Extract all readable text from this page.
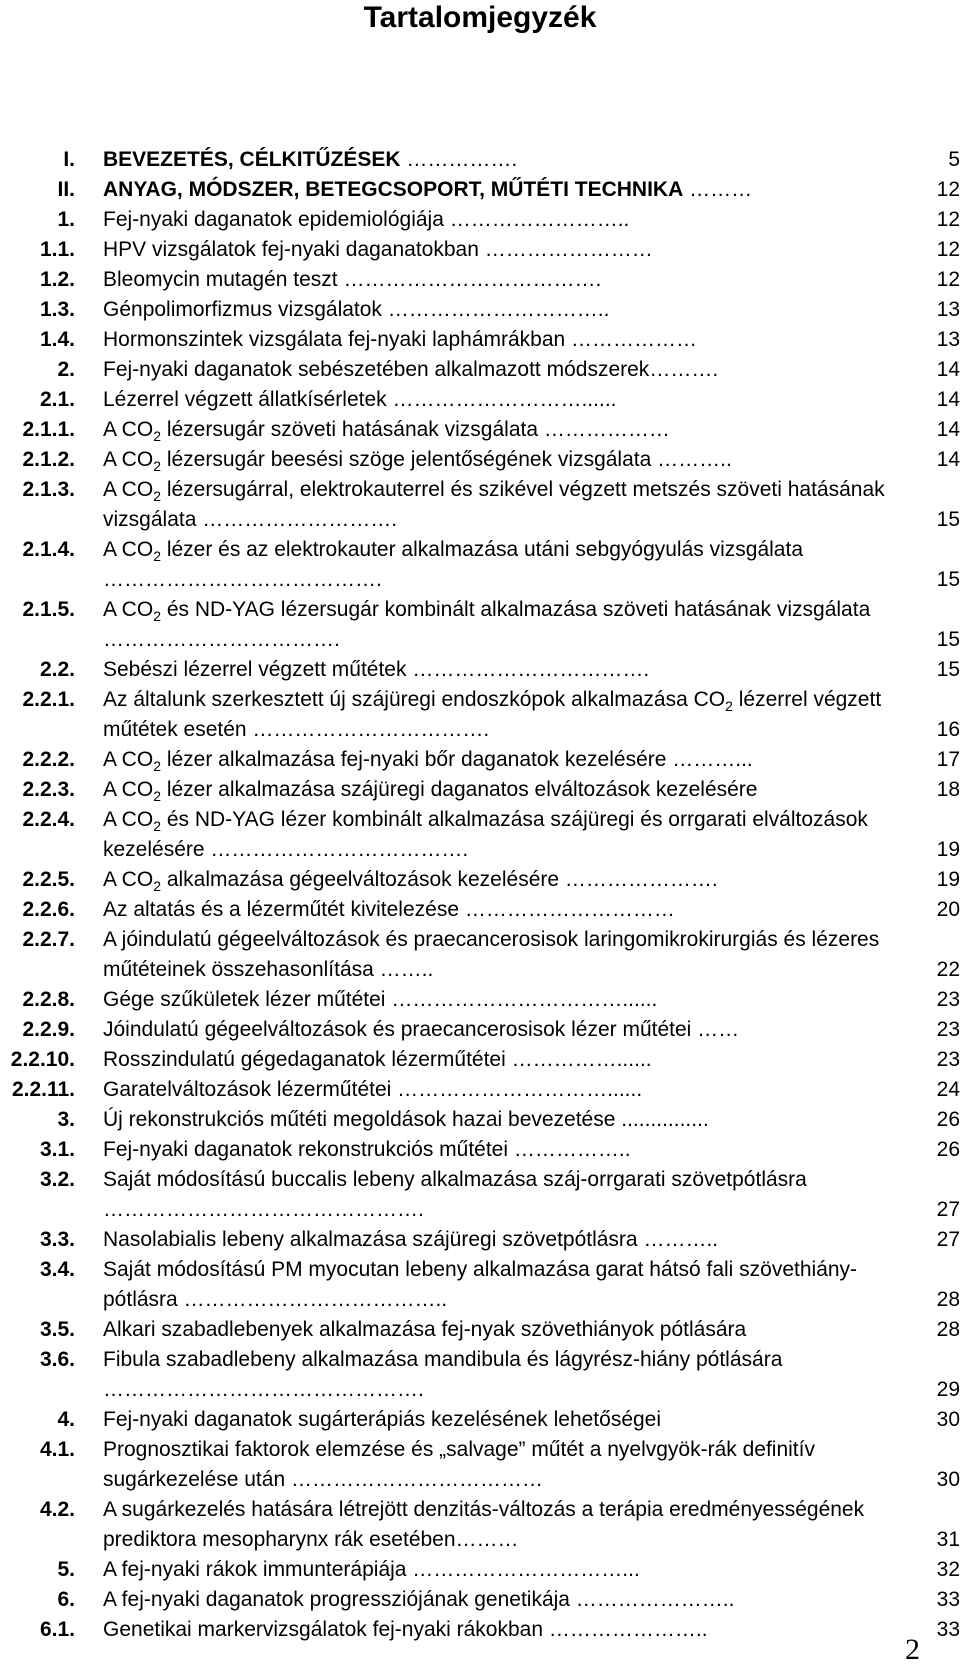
Tartalomjegyzék
I. BEVEZETÉS, CÉLKITŰZÉSEK …………….	5
II. ANYAG, MÓDSZER, BETEGCSOPORT, MŰTÉTI TECHNIKA ………	12
1. Fej-nyaki daganatok epidemiológiája ……………………..	12
1.1. HPV vizsgálatok fej-nyaki daganatokban ……………………	12
1.2. Bleomycin mutagén teszt ……………………………….	12
1.3. Génpolimorfizmus vizsgálatok …………………………..	13
1.4. Hormonszintek vizsgálata fej-nyaki laphámrákban ………………	13
2. Fej-nyaki daganatok sebészetében alkalmazott módszerek……….	14
2.1. Lézerrel végzett állatkísérletek ………………………......	14
2.1.1. A $CO_2$ lézersugár szöveti hatásának vizsgálata ………………	14
2.1.2. A $CO_2$ lézersugár beesési szöge jelentőségének vizsgálata ………..	14
2.1.3. A $CO_2$ lézersugárral, elektrokauterrel és szikével végzett metszés szöveti hatásának vizsgálata ……………………….	15
2.1.4. A $CO_2$ lézer és az elektrokauter alkalmazása utáni sebgyógyulás vizsgálata ………………………………….	15
2.1.5. A $CO_2$ és ND-YAG lézersugár kombinált alkalmazása szöveti hatásának vizsgálata …………………………….	15
2.2. Sebészi lézerrel végzett műtétek …………………………….	15
2.2.1. Az általunk szerkesztett új szájüregi endoszkópok alkalmazása $CO_2$ lézerrel végzett műtétek esetén …………………………….	16
2.2.2. A $CO_2$ lézer alkalmazása fej-nyaki bőr daganatok kezelésére ………...	17
2.2.3. A $CO_2$ lézer alkalmazása szájüregi daganatos elváltozások kezelésére	18
2.2.4. A $CO_2$ és ND-YAG lézer kombinált alkalmazása szájüregi és orrgarati elváltozások kezelésére ……………………………….	19
2.2.5. A $CO_2$ alkalmazása gégeelváltozások kezelésére ………………….	19
2.2.6. Az altatás és a lézerműtét kivitelezése …………………………	20
2.2.7. A jóindulatú gégeelváltozások és praecancerosisok laringomikrokirurgiás és lézeres műtéteinek összehasonlítása ……..	22
2.2.8. Gége szűkületek lézer műtétei ……………………………......	23
2.2.9. Jóindulatú gégeelváltozások és praecancerosisok lézer műtétei ……	23
2.2.10. Rosszindulatú gégedaganatok lézerműtétei ……………......	23
2.2.11. Garatelváltozások lézerműtétei …………………………......	24
3. Új rekonstrukciós műtéti megoldások hazai bevezetése ...............	26
3.1. Fej-nyaki daganatok rekonstrukciós műtétei ……………..	26
3.2. Saját módosítású buccalis lebeny alkalmazása száj-orrgarati szövetpótlásra ……………………………………….	27
3.3. Nasolabialis lebeny alkalmazása szájüregi szövetpótlásra ………..	27
3.4. Saját módosítású PM myocutan lebeny alkalmazása garat hátsó fali szövethiány-pótlásra ………………………………..	28
3.5. Alkari szabadlebenyek alkalmazása fej-nyak szövethiányok pótlására	28
3.6. Fibula szabadlebeny alkalmazása mandibula és lágyrész-hiány pótlására ……………………………………….	29
4. Fej-nyaki daganatok sugárterápiás kezelésének lehetőségei	30
4.1. Prognosztikai faktorok elemzése és „salvage” műtét a nyelvgyök-rák definitív sugárkezelése után ………………………………	30
4.2. A sugárkezelés hatására létrejött denzitás-változás a terápia eredményességének prediktora mesopharynx rák esetében………	31
5. A fej-nyaki rákok immunterápiája …………………………...	32
6. A fej-nyaki daganatok progressziójának genetikája …………………..	33
6.1. Genetikai markervizsgálatok fej-nyaki rákokban …………………..	33
2
